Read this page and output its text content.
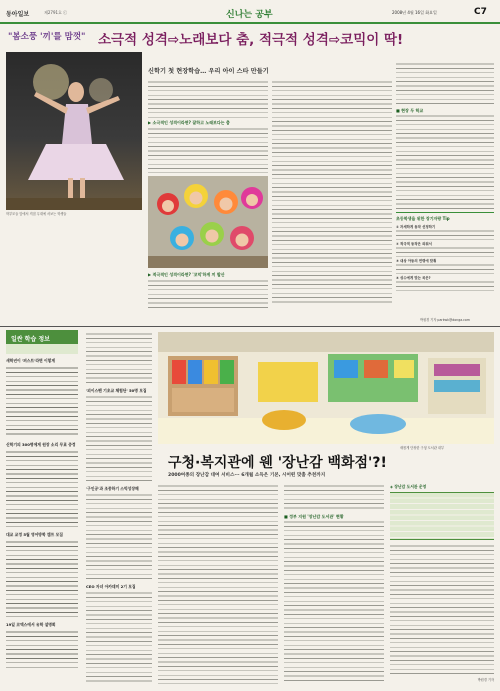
동아일보	제2791호 ⓒ	신나는 공부	2008년 4월 16일 화요일	C7
"봄소풍 '끼'를 맘껏" 소극적 성격⇨노래보다 춤, 적극적 성격⇨코믹이 딱!
학부모들 앞에서 직접 무대에 서보는 학생들
신학기 첫 현장학습… 우리 아이 스타 만들기
▶ 소극적인 성격이라면? 잘하고 노래보다는 춤
■ 현장 두 학교
▶ 적극적인 성격이라면? '코믹'하게 끼 발산
초등학생을 위한 장기자랑 Tip
① 자세하게 동작 선정하기
② 적극적 동작은 외워서
③ 대상 아동의 연령에 맞춰
④ 성수에게 맞는 곡은?
박원경 기자 parkwk@donga.com
일싼 학습 정보
새학년이 '퍼스트'라면 이렇게
신학기의 300명에게 원장 소리 무료 증정
대교 교정 5월 영어방학 캠프 모집
19일 코엑스에서 유학 설명회
'외이스펜 기초교 체험단' 50명 모집
'구인공'과 조종하기 스빅성장해
CEO 자녀 아카데미 2기 모집
새롭게 단장한 구청 도서관 내부
구청·복지관에 웬 '장난감 백화점'?!
2000여종의 장난감 대여 서비스··· 6개월 소득은 기본, 시어떤 맞춤 추천까지
■ 정부 지원 '장난감 도서관' 현황
◈ 장난감 도서관 운영
박원경 기자
